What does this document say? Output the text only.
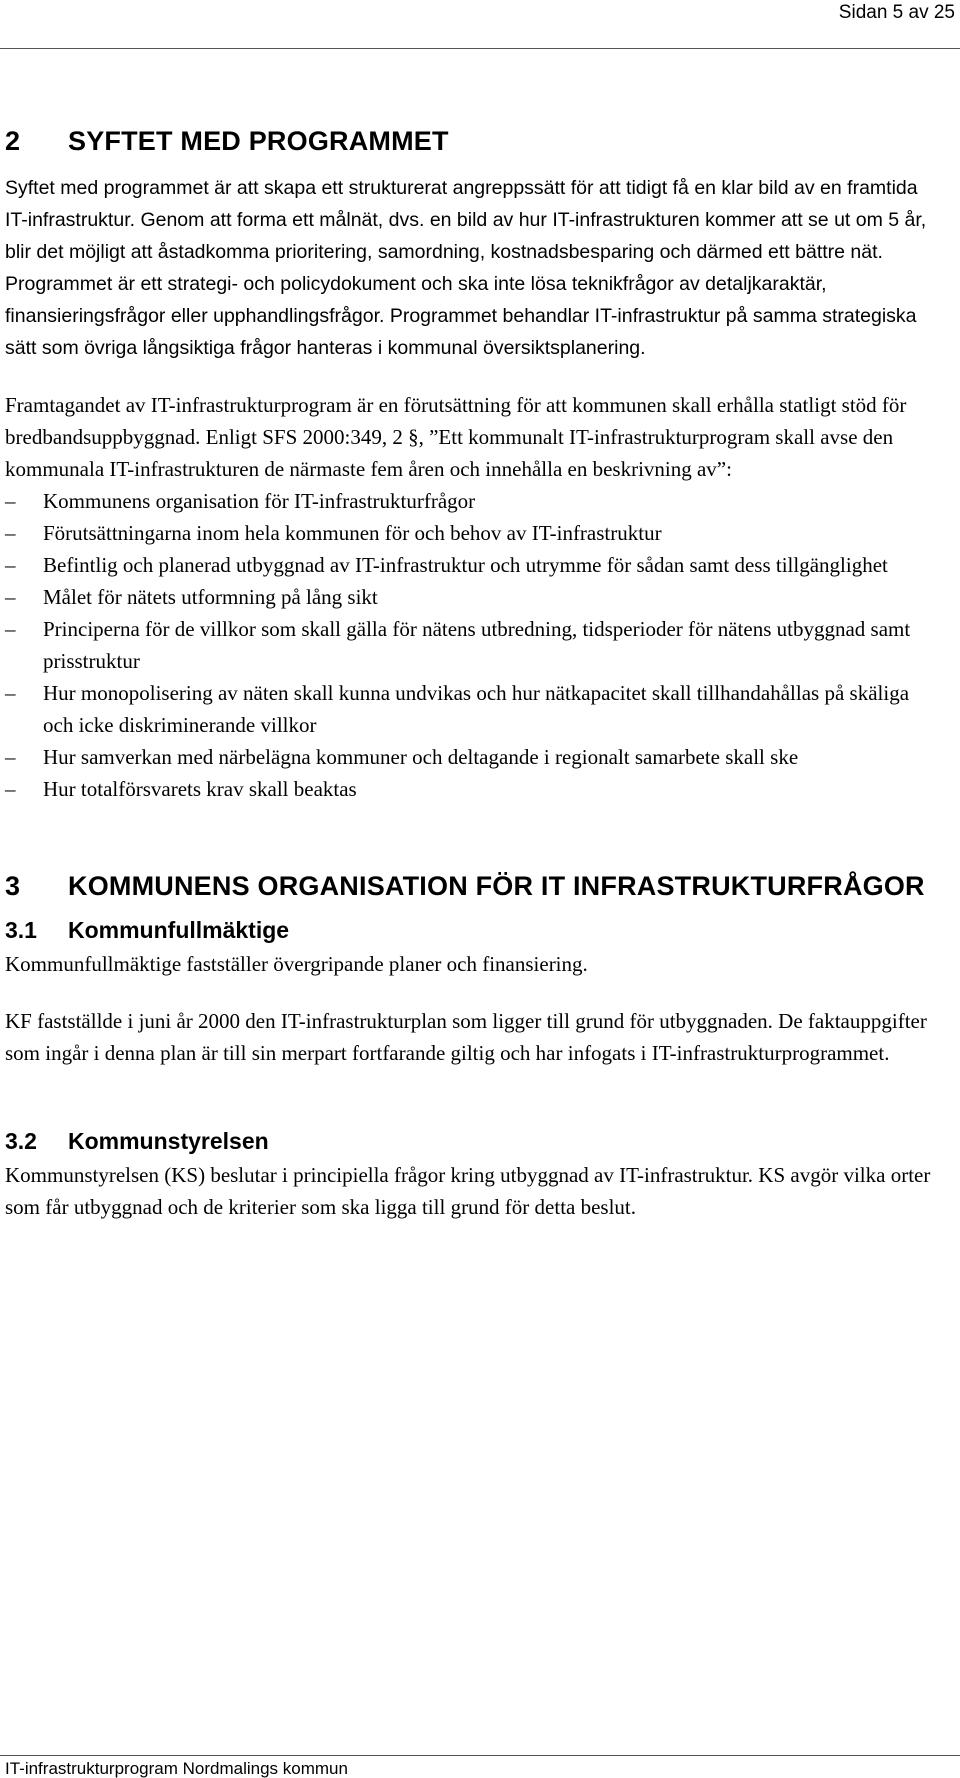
Sidan 5 av 25
2	SYFTET MED PROGRAMMET

Syftet med programmet är att skapa ett strukturerat angreppssätt för att tidigt få en klar bild av en framtida IT-infrastruktur. Genom att forma ett målnät, dvs. en bild av hur IT-infrastrukturen kommer att se ut om 5 år, blir det möjligt att åstadkomma prioritering, samordning, kostnadsbesparing och därmed ett bättre nät. Programmet är ett strategi- och policydokument och ska inte lösa teknikfrågor av detaljkaraktär, finansieringsfrågor eller upphandlingsfrågor. Programmet behandlar IT-infrastruktur på samma strategiska sätt som övriga långsiktiga frågor hanteras i kommunal översiktsplanering.

Framtagandet av IT-infrastrukturprogram är en förutsättning för att kommunen skall erhålla statligt stöd för bredbandsuppbyggnad. Enligt SFS 2000:349, 2 §, ”Ett kommunalt IT-infrastrukturprogram skall avse den kommunala IT-infrastrukturen de närmaste fem åren och innehålla en beskrivning av”:

– Kommunens organisation för IT-infrastrukturfrågor
– Förutsättningarna inom hela kommunen för och behov av IT-infrastruktur
– Befintlig och planerad utbyggnad av IT-infrastruktur och utrymme för sådan samt dess tillgänglighet
– Målet för nätets utformning på lång sikt
– Principerna för de villkor som skall gälla för nätens utbredning, tidsperioder för nätens utbyggnad samt prisstruktur
– Hur monopolisering av näten skall kunna undvikas och hur nätkapacitet skall tillhandahållas på skäliga och icke diskriminerande villkor
– Hur samverkan med närbelägna kommuner och deltagande i regionalt samarbete skall ske
– Hur totalförsvarets krav skall beaktas
3	KOMMUNENS ORGANISATION FÖR IT INFRASTRUKTURFRÅGOR
3.1	Kommunfullmäktige

Kommunfullmäktige fastställer övergripande planer och finansiering.

KF fastställde i juni år 2000 den IT-infrastrukturplan som ligger till grund för utbyggnaden. De faktauppgifter som ingår i denna plan är till sin merpart fortfarande giltig och har infogats i IT-infrastrukturprogrammet.

3.2	Kommunstyrelsen

Kommunstyrelsen (KS) beslutar i principiella frågor kring utbyggnad av IT-infrastruktur. KS avgör vilka orter som får utbyggnad och de kriterier som ska ligga till grund för detta beslut.

IT-infrastrukturprogram Nordmalings kommun
